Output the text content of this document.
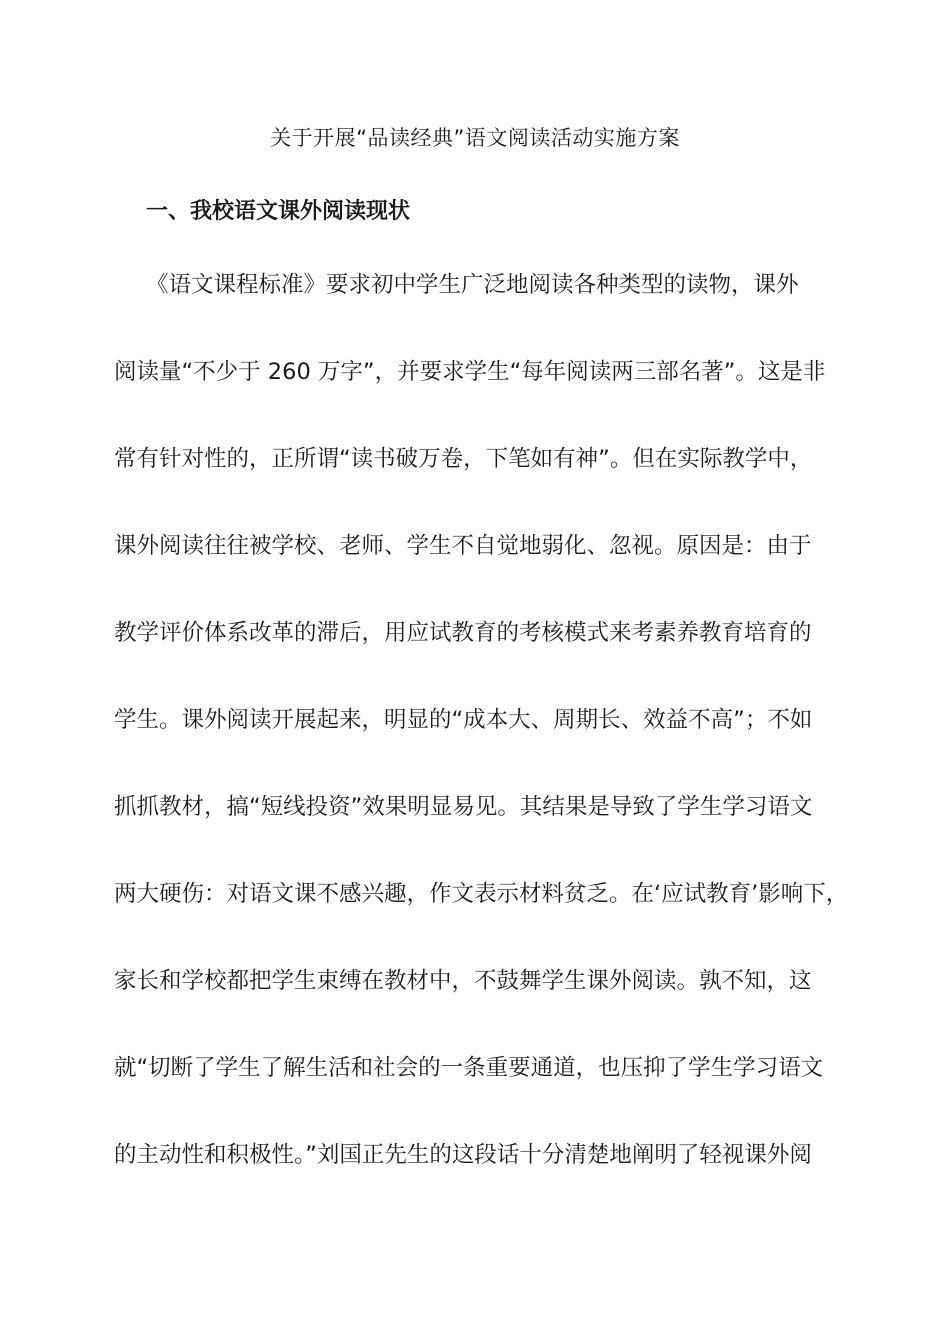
关于开展“品读经典”语文阅读活动实施方案
一、我校语文课外阅读现状
《语文课程标准》要求初中学生广泛地阅读各种类型的读物，课外
阅读量“不少于 260 万字”，并要求学生“每年阅读两三部名著”。这是非
常有针对性的，正所谓“读书破万卷，下笔如有神”。但在实际教学中，
课外阅读往往被学校、老师、学生不自觉地弱化、忽视。原因是：由于
教学评价体系改革的滞后，用应试教育的考核模式来考素养教育培育的
学生。课外阅读开展起来，明显的“成本大、周期长、效益不高”；不如
抓抓教材，搞“短线投资”效果明显易见。其结果是导致了学生学习语文
两大硬伤：对语文课不感兴趣，作文表示材料贫乏。在‘应试教育’影响下，
家长和学校都把学生束缚在教材中，不鼓舞学生课外阅读。孰不知，这
就“切断了学生了解生活和社会的一条重要通道，也压抑了学生学习语文
的主动性和积极性。”刘国正先生的这段话十分清楚地阐明了轻视课外阅
